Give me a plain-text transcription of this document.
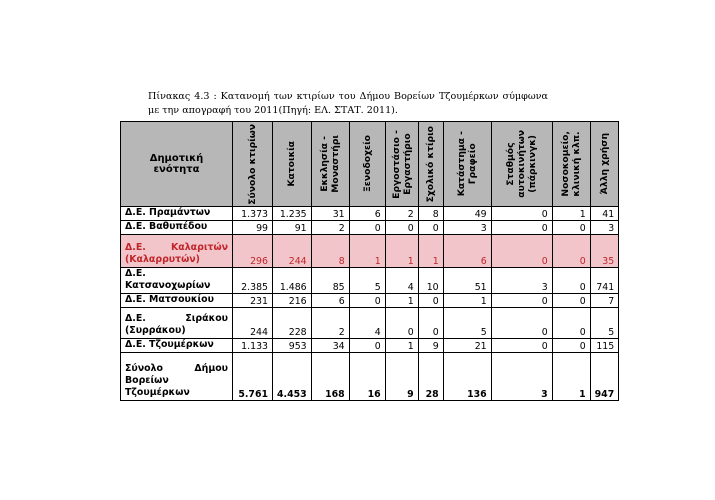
Πίνακας 4.3 : Κατανομή των κτιρίων του Δήμου Βορείων Τζουμέρκων σύμφωνα με την απογραφή του 2011(Πηγή: ΕΛ. ΣΤΑΤ. 2011).
Δημοτική ενότητα	Σύνολο κτιρίων	Κατοικία	Εκκλησία -
Μοναστήρι	Ξενοδοχείο	Εργοστάσιο -
Εργαστήριο	Σχολικό κτίριο	Κατάστημα -
Γραφείο	Σταθμός
αυτοκινήτων
(πάρκινγκ)	Νοσοκομείο,
κλινική κλπ.	Άλλη χρήση

Δ.Ε. Πραμάντων	1.373	1.235	31	6	2	8	49	0	1	41
Δ.Ε. Βαθυπέδου	99	91	2	0	0	0	3	0	0	3
Δ.Ε. Καλαριτών (Καλαρρυτών)	296	244	8	1	1	1	6	0	0	35
Δ.Ε. Κατσανοχωρίων	2.385	1.486	85	5	4	10	51	3	0	741
Δ.Ε. Ματσουκίου	231	216	6	0	1	0	1	0	0	7
Δ.Ε. Σιράκου (Συρράκου)	244	228	2	4	0	0	5	0	0	5
Δ.Ε. Τζουμέρκων	1.133	953	34	0	1	9	21	0	0	115
Σύνολο Δήμου Βορείων Τζουμέρκων	5.761	4.453	168	16	9	28	136	3	1	947
